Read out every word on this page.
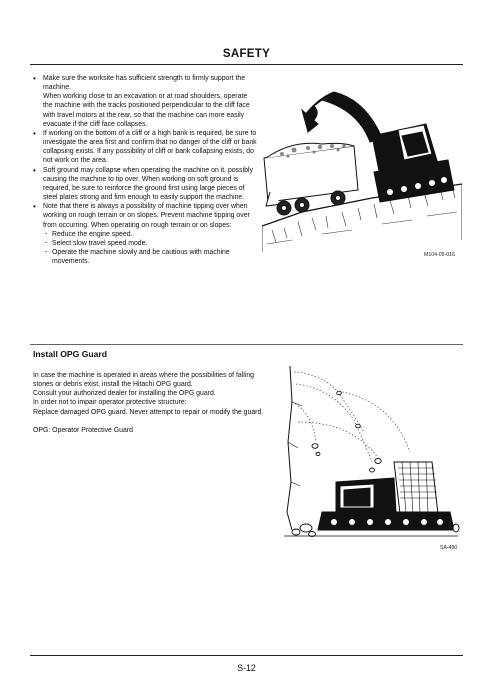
SAFETY
• Make sure the worksite has sufficient strength to firmly support the machine.
When working close to an excavation or at road shoulders, operate the machine with the tracks positioned perpendicular to the cliff face with travel motors at the rear, so that the machine can more easily evacuate if the cliff face collapses.
• If working on the bottom of a cliff or a high bank is required, be sure to investigate the area first and confirm that no danger of the cliff or bank collapsing exists. If any possibility of cliff or bank collapsing exists, do not work on the area.
• Soft ground may collapse when operating the machine on it, possibly causing the machine to tip over. When working on soft ground is required, be sure to reinforce the ground first using large pieces of steel plates strong and firm enough to easily support the machine.
• Note that there is always a possibility of machine tipping over when working on rough terrain or on slopes. Prevent machine tipping over from occurring. When operating on rough terrain or on slopes:
· Reduce the engine speed.
· Select slow travel speed mode.
· Operate the machine slowly and be cautious with machine movements.
M104-05-016
Install OPG Guard
In case the machine is operated in areas where the possibilities of falling stones or debris exist, install the Hitachi OPG guard.
Consult your authorized dealer for installing the OPG guard.
In order not to impair operator protective structure:
Replace damaged OPG guard. Never attempt to repair or modify the guard.
OPG: Operator Protective Guard
SA-490
S-12
